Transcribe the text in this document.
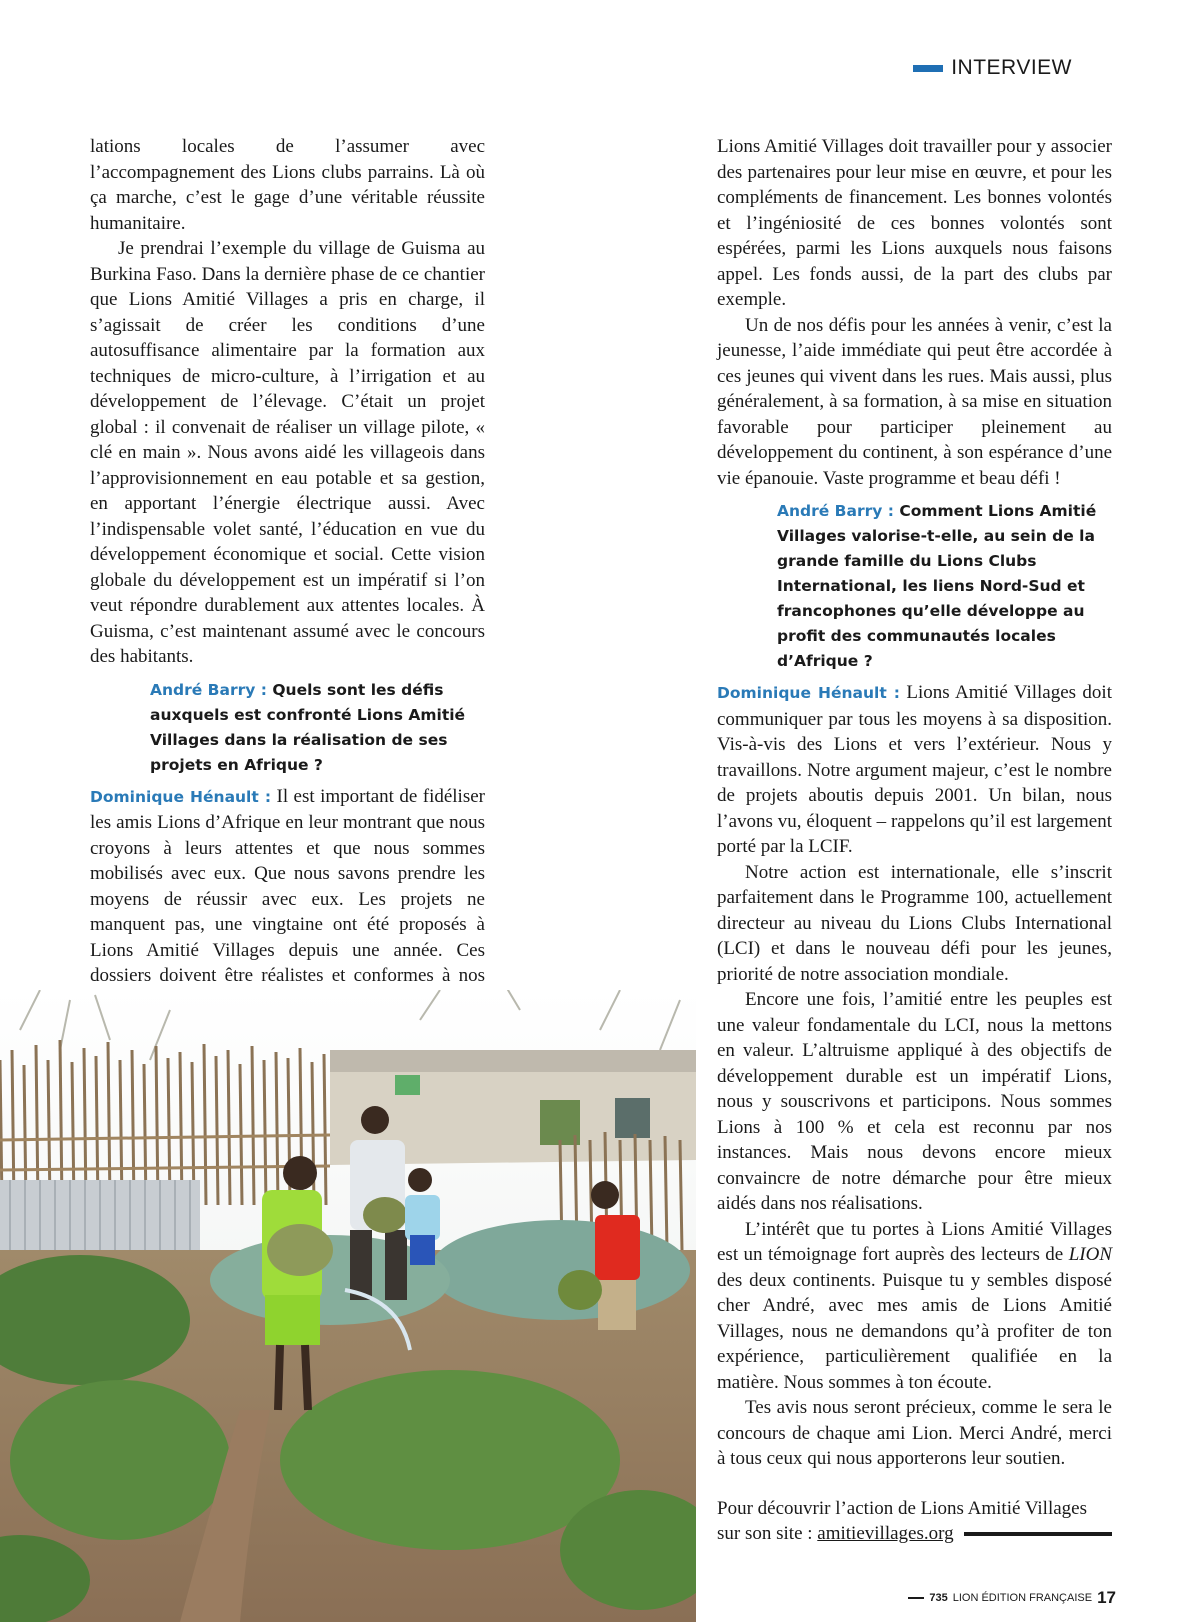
INTERVIEW

lations locales de l’assumer avec l’accompagnement des Lions clubs parrains. Là où ça marche, c’est le gage d’une véritable réussite humanitaire.

Je prendrai l’exemple du village de Guisma au Burkina Faso. Dans la dernière phase de ce chantier que Lions Amitié Villages a pris en charge, il s’agissait de créer les conditions d’une autosuffisance alimentaire par la formation aux techniques de micro-culture, à l’irrigation et au développement de l’élevage. C’était un projet global : il convenait de réaliser un village pilote, « clé en main ». Nous avons aidé les villageois dans l’approvisionnement en eau potable et sa gestion, en apportant l’énergie électrique aussi. Avec l’indispensable volet santé, l’éducation en vue du développement économique et social. Cette vision globale du développement est un impératif si l’on veut répondre durablement aux attentes locales. À Guisma, c’est maintenant assumé avec le concours des habitants.

André Barry : Quels sont les défis auxquels est confronté Lions Amitié Villages dans la réalisation de ses projets en Afrique ?

Dominique Hénault : Il est important de fidéliser les amis Lions d’Afrique en leur montrant que nous croyons à leurs attentes et que nous sommes mobilisés avec eux. Que nous savons prendre les moyens de réussir avec eux. Les projets ne manquent pas, une vingtaine ont été proposés à Lions Amitié Villages depuis une année. Ces dossiers doivent être réalistes et conformes à nos

Lions Amitié Villages doit travailler pour y associer des partenaires pour leur mise en œuvre, et pour les compléments de financement. Les bonnes volontés et l’ingéniosité de ces bonnes volontés sont espérées, parmi les Lions auxquels nous faisons appel. Les fonds aussi, de la part des clubs par exemple.

Un de nos défis pour les années à venir, c’est la jeunesse, l’aide immédiate qui peut être accordée à ces jeunes qui vivent dans les rues. Mais aussi, plus généralement, à sa formation, à sa mise en situation favorable pour participer pleinement au développement du continent, à son espérance d’une vie épanouie. Vaste programme et beau défi !

André Barry : Comment Lions Amitié Villages valorise-t-elle, au sein de la grande famille du Lions Clubs International, les liens Nord-Sud et francophones qu’elle développe au profit des communautés locales d’Afrique ?

Dominique Hénault : Lions Amitié Villages doit communiquer par tous les moyens à sa disposition. Vis-à-vis des Lions et vers l’extérieur. Nous y travaillons. Notre argument majeur, c’est le nombre de projets aboutis depuis 2001. Un bilan, nous l’avons vu, éloquent – rappelons qu’il est largement porté par la LCIF.

Notre action est internationale, elle s’inscrit parfaitement dans le Programme 100, actuellement directeur au niveau du Lions Clubs International (LCI) et dans le nouveau défi pour les jeunes, priorité de notre association mondiale.

Encore une fois, l’amitié entre les peuples est une valeur fondamentale du LCI, nous la mettons en valeur. L’altruisme appliqué à des objectifs de développement durable est un impératif Lions, nous y souscrivons et participons. Nous sommes Lions à 100 % et cela est reconnu par nos instances. Mais nous devons encore mieux convaincre de notre démarche pour être mieux aidés dans nos réalisations.

L’intérêt que tu portes à Lions Amitié Villages est un témoignage fort auprès des lecteurs de LION des deux continents. Puisque tu y sembles disposé cher André, avec mes amis de Lions Amitié Villages, nous ne demandons qu’à profiter de ton expérience, particulièrement qualifiée en la matière. Nous sommes à ton écoute.

Tes avis nous seront précieux, comme le sera le concours de chaque ami Lion. Merci André, merci à tous ceux qui nous apporterons leur soutien.

Pour découvrir l’action de Lions Amitié Villages
sur son site :
amitievillages.org
735 LION ÉDITION FRANÇAISE 17
